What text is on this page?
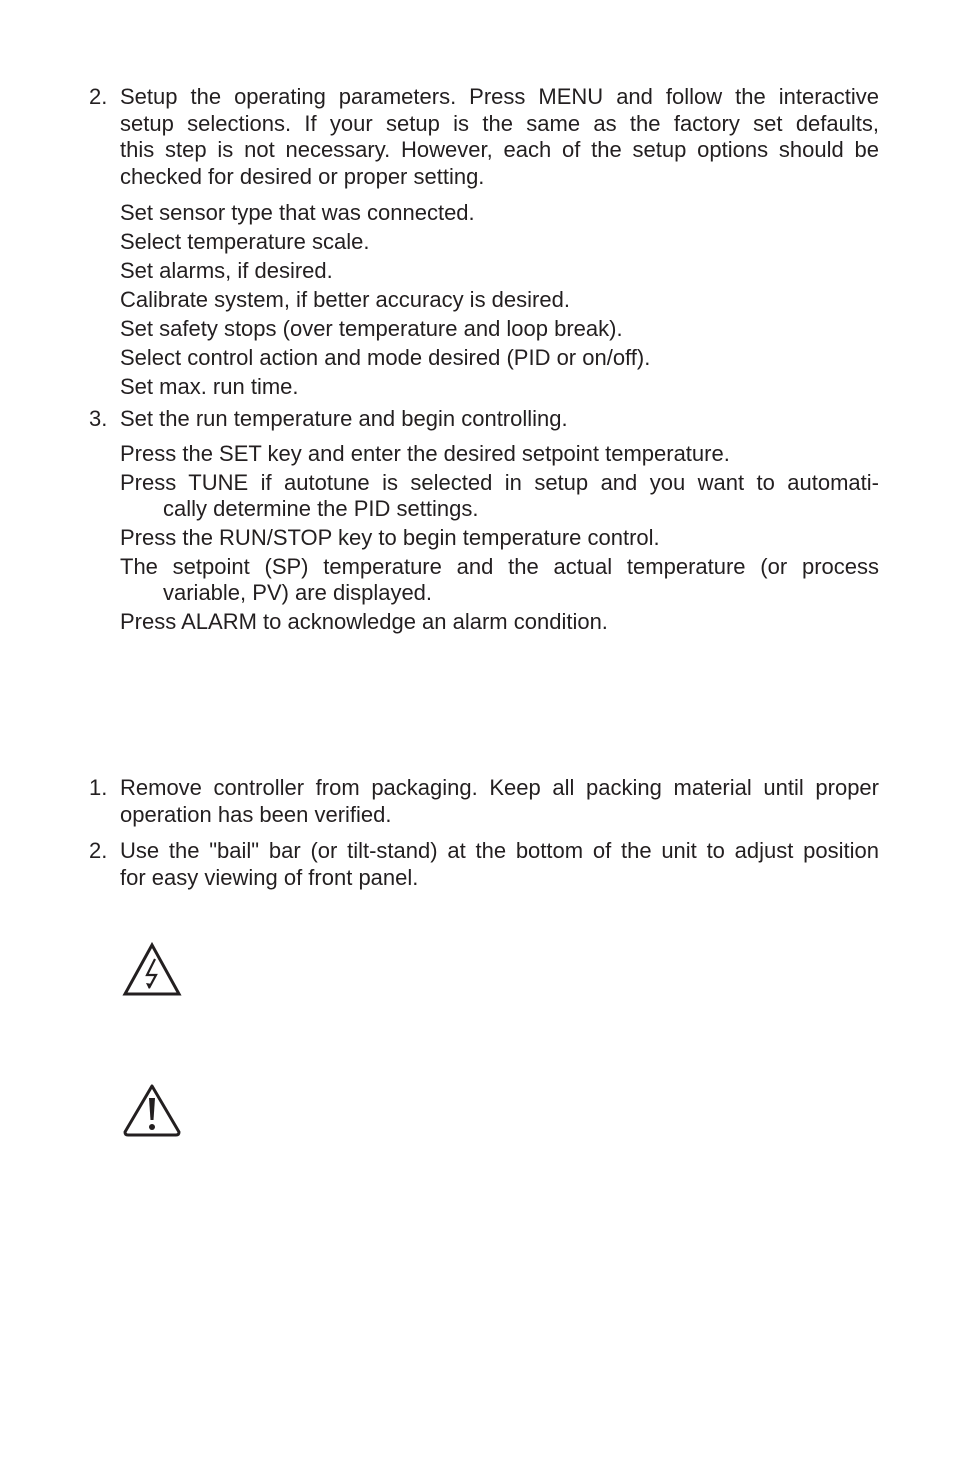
2. Setup the operating parameters. Press MENU and follow the interactive
setup selections. If your setup is the same as the factory set defaults,
this step is not necessary. However, each of the setup options should be
checked for desired or proper setting.
Set sensor type that was connected.
Select temperature scale.
Set alarms, if desired.
Calibrate system, if better accuracy is desired.
Set safety stops (over temperature and loop break).
Select control action and mode desired (PID or on/off).
Set max. run time.
3. Set the run temperature and begin controlling.
Press the SET key and enter the desired setpoint temperature.
Press TUNE if autotune is selected in setup and you want to automati-
cally determine the PID settings.
Press the RUN/STOP key to begin temperature control.
The setpoint (SP) temperature and the actual temperature (or process
variable, PV) are displayed.
Press ALARM to acknowledge an alarm condition.
1. Remove controller from packaging. Keep all packing material until proper
operation has been verified.
2. Use the "bail" bar (or tilt-stand) at the bottom of the unit to adjust position
for easy viewing of front panel.
